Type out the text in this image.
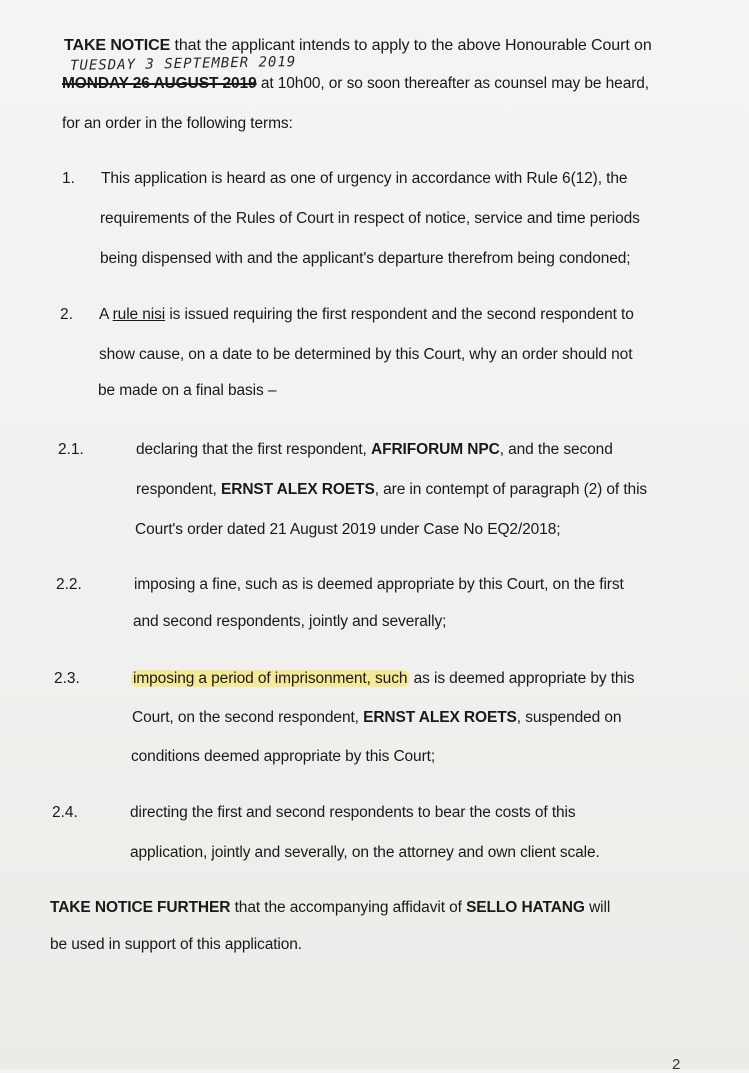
TAKE NOTICE that the applicant intends to apply to the above Honourable Court on
TUESDAY 3 SEPTEMBER 2019
MONDAY 26 AUGUST 2019 at 10h00, or so soon thereafter as counsel may be heard,
for an order in the following terms:
1. This application is heard as one of urgency in accordance with Rule 6(12), the
requirements of the Rules of Court in respect of notice, service and time periods
being dispensed with and the applicant's departure therefrom being condoned;
2. A rule nisi is issued requiring the first respondent and the second respondent to
show cause, on a date to be determined by this Court, why an order should not
be made on a final basis –
2.1.	declaring that the first respondent, AFRIFORUM NPC, and the second
respondent, ERNST ALEX ROETS, are in contempt of paragraph (2) of this
Court's order dated 21 August 2019 under Case No EQ2/2018;
2.2.	imposing a fine, such as is deemed appropriate by this Court, on the first
and second respondents, jointly and severally;
2.3.	imposing a period of imprisonment, such as is deemed appropriate by this
Court, on the second respondent, ERNST ALEX ROETS, suspended on
conditions deemed appropriate by this Court;
2.4.	directing the first and second respondents to bear the costs of this
application, jointly and severally, on the attorney and own client scale.
TAKE NOTICE FURTHER that the accompanying affidavit of SELLO HATANG will
be used in support of this application.
2
